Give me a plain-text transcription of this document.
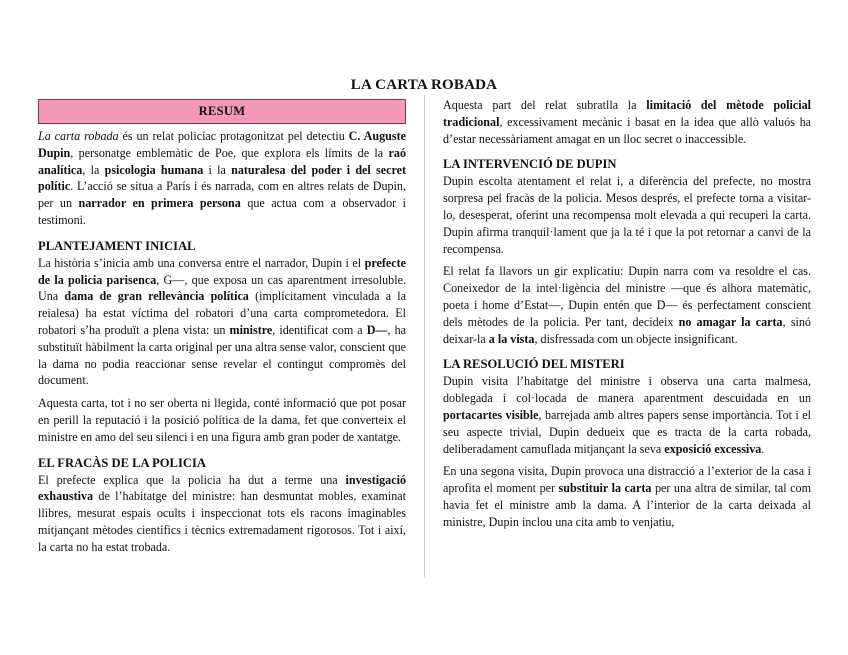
LA CARTA ROBADA
RESUM

La carta robada és un relat policíac protagonitzat pel detectiu C. Auguste Dupin, personatge emblemàtic de Poe, que explora els límits de la raó analítica, la psicologia humana i la naturalesa del poder i del secret polític. L’acció se situa a París i és narrada, com en altres relats de Dupin, per un narrador en primera persona que actua com a observador i testimoni.

PLANTEJAMENT INICIAL

La història s’inicia amb una conversa entre el narrador, Dupin i el prefecte de la policia parisenca, G—, que exposa un cas aparentment irresoluble. Una dama de gran rellevància política (implícitament vinculada a la reialesa) ha estat víctima del robatori d’una carta comprometedora. El robatori s’ha produït a plena vista: un ministre, identificat com a D—, ha substituït hàbilment la carta original per una altra sense valor, conscient que la dama no podia reaccionar sense revelar el contingut compromès del document.

Aquesta carta, tot i no ser oberta ni llegida, conté informació que pot posar en perill la reputació i la posició política de la dama, fet que converteix el ministre en amo del seu silenci i en una figura amb gran poder de xantatge.

EL FRACÀS DE LA POLICIA

El prefecte explica que la policia ha dut a terme una investigació exhaustiva de l’habitatge del ministre: han desmuntat mobles, examinat llibres, mesurat espais ocults i inspeccionat tots els racons imaginables mitjançant mètodes científics i tècnics extremadament rigorosos. Tot i així, la carta no ha estat trobada.

Aquesta part del relat subratlla la limitació del mètode policial tradicional, excessivament mecànic i basat en la idea que allò valuós ha d’estar necessàriament amagat en un lloc secret o inaccessible.

LA INTERVENCIÓ DE DUPIN

Dupin escolta atentament el relat i, a diferència del prefecte, no mostra sorpresa pel fracàs de la policia. Mesos després, el prefecte torna a visitar-lo, desesperat, oferint una recompensa molt elevada a qui recuperi la carta. Dupin afirma tranquil·lament que ja la té i que la pot retornar a canvi de la recompensa.

El relat fa llavors un gir explicatiu: Dupin narra com va resoldre el cas. Coneixedor de la intel·ligència del ministre —que és alhora matemàtic, poeta i home d’Estat—, Dupin entén que D— és perfectament conscient dels mètodes de la policia. Per tant, decideix no amagar la carta, sinó deixar-la a la vista, disfressada com un objecte insignificant.

LA RESOLUCIÓ DEL MISTERI

Dupin visita l’habitatge del ministre i observa una carta malmesa, doblegada i col·locada de manera aparentment descuidada en un portacartes visible, barrejada amb altres papers sense importància. Tot i el seu aspecte trivial, Dupin dedueix que es tracta de la carta robada, deliberadament camuflada mitjançant la seva exposició excessiva.

En una segona visita, Dupin provoca una distracció a l’exterior de la casa i aprofita el moment per substituir la carta per una altra de similar, tal com havia fet el ministre amb la dama. A l’interior de la carta deixada al ministre, Dupin inclou una cita amb to venjatiu,
